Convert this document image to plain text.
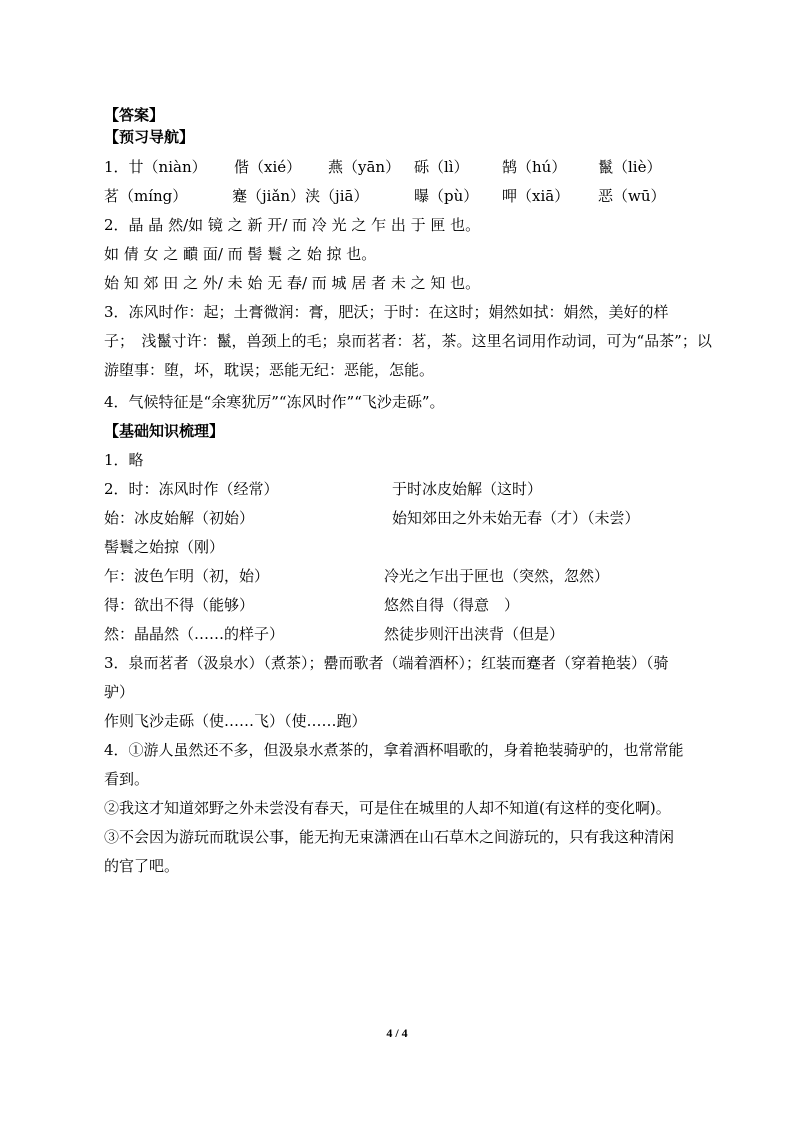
【答案】
【预习导航】
1．廿（niàn） 偕（xié） 燕（yān） 砾（lì） 鹄（hú） 鬣（liè）
茗（míng）	蹇（jiǎn）浃（jiā）	曝（pù） 呷（xiā） 恶（wū）
2．晶 晶 然/如 镜 之 新 开/ 而 冷 光 之 乍 出 于 匣 也。
如 倩 女 之 靧 面/ 而 髻 鬟 之 始 掠 也。
始 知 郊 田 之 外/ 未 始 无 春/ 而 城 居 者 未 之 知 也。
3．冻风时作：起；土膏微润：膏，肥沃；于时：在这时；娟然如拭：娟然，美好的样
子；　浅鬣寸许：鬣，兽颈上的毛；泉而茗者：茗，茶。这里名词用作动词，可为“品茶”；以
游堕事：堕，坏，耽误；恶能无纪：恶能，怎能。
4．气候特征是“余寒犹厉”“冻风时作”“飞沙走砾”。
【基础知识梳理】
1．略
2．时：冻风时作（经常）	于时冰皮始解（这时）
始：冰皮始解（初始）	始知郊田之外未始无春（才）（未尝）
髻鬟之始掠（刚）
乍：波色乍明（初，始）	冷光之乍出于匣也（突然，忽然）
得：欲出不得（能够）	悠然自得（得意　）
然：晶晶然（……的样子）	然徒步则汗出浃背（但是）
3．泉而茗者（汲泉水）（煮茶）；罍而歌者（端着酒杯）；红装而蹇者（穿着艳装）（骑
驴）
作则飞沙走砾（使……飞）（使……跑）
4．①游人虽然还不多，但汲泉水煮茶的，拿着酒杯唱歌的，身着艳装骑驴的，也常常能
看到。
②我这才知道郊野之外未尝没有春天，可是住在城里的人却不知道(有这样的变化啊)。
③不会因为游玩而耽误公事，能无拘无束潇洒在山石草木之间游玩的，只有我这种清闲
的官了吧。
4 / 4
